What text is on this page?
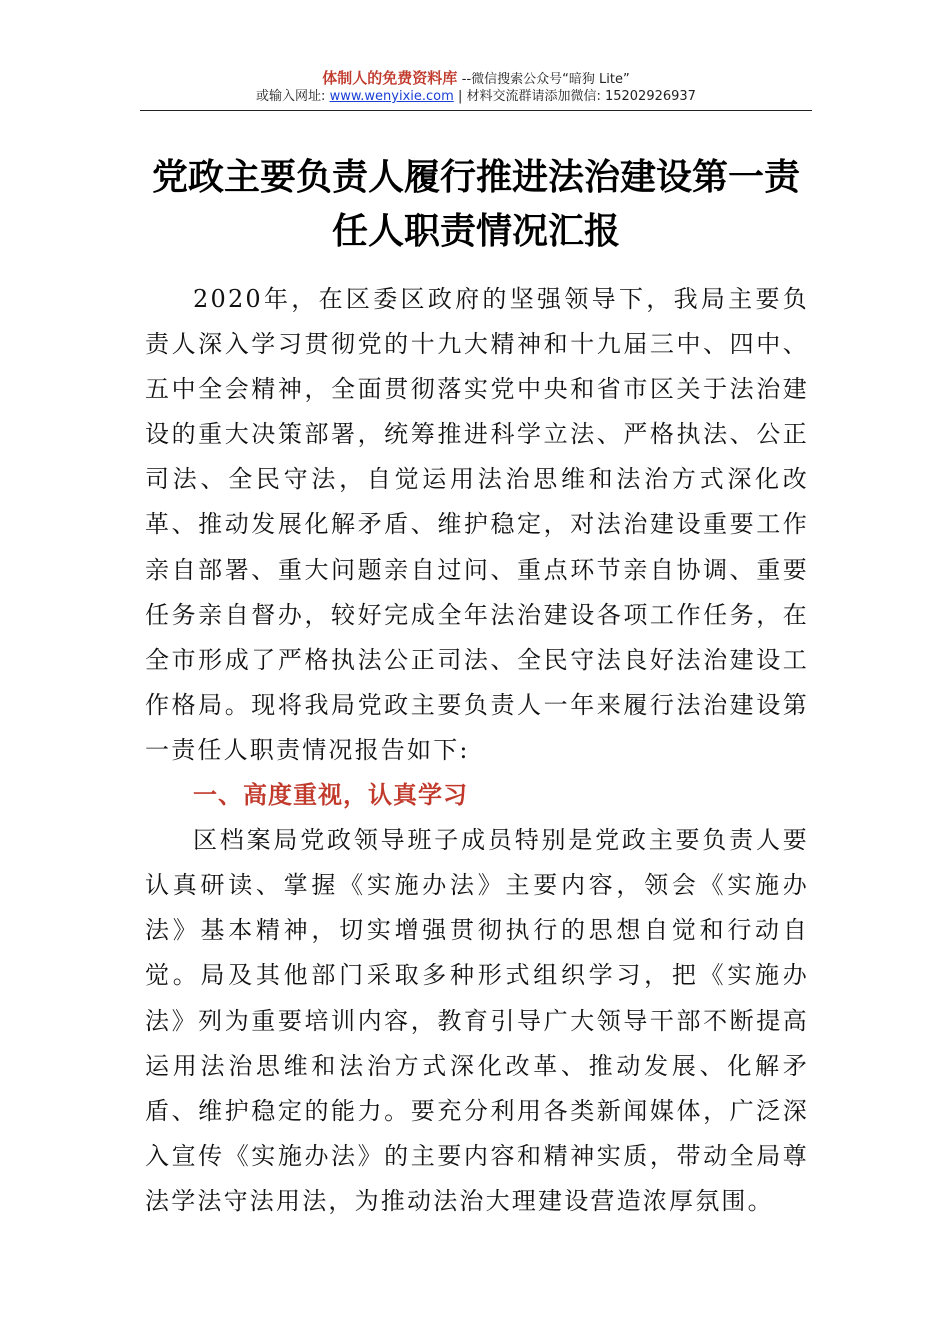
体制人的免费资料库 --微信搜索公众号“暗狗 Lite”
或输入网址: www.wenyixie.com | 材料交流群请添加微信: 15202926937
党政主要负责人履行推进法治建设第一责任人职责情况汇报

2020年，在区委区政府的坚强领导下，我局主要负责人深入学习贯彻党的十九大精神和十九届三中、四中、五中全会精神，全面贯彻落实党中央和省市区关于法治建设的重大决策部署，统筹推进科学立法、严格执法、公正司法、全民守法，自觉运用法治思维和法治方式深化改革、推动发展化解矛盾、维护稳定，对法治建设重要工作亲自部署、重大问题亲自过问、重点环节亲自协调、重要任务亲自督办，较好完成全年法治建设各项工作任务，在全市形成了严格执法公正司法、全民守法良好法治建设工作格局。现将我局党政主要负责人一年来履行法治建设第一责任人职责情况报告如下:

一、高度重视，认真学习

区档案局党政领导班子成员特别是党政主要负责人要认真研读、掌握《实施办法》主要内容，领会《实施办法》基本精神，切实增强贯彻执行的思想自觉和行动自觉。局及其他部门采取多种形式组织学习，把《实施办法》列为重要培训内容，教育引导广大领导干部不断提高运用法治思维和法治方式深化改革、推动发展、化解矛盾、维护稳定的能力。要充分利用各类新闻媒体，广泛深入宣传《实施办法》的主要内容和精神实质，带动全局尊法学法守法用法，为推动法治大理建设营造浓厚氛围。
